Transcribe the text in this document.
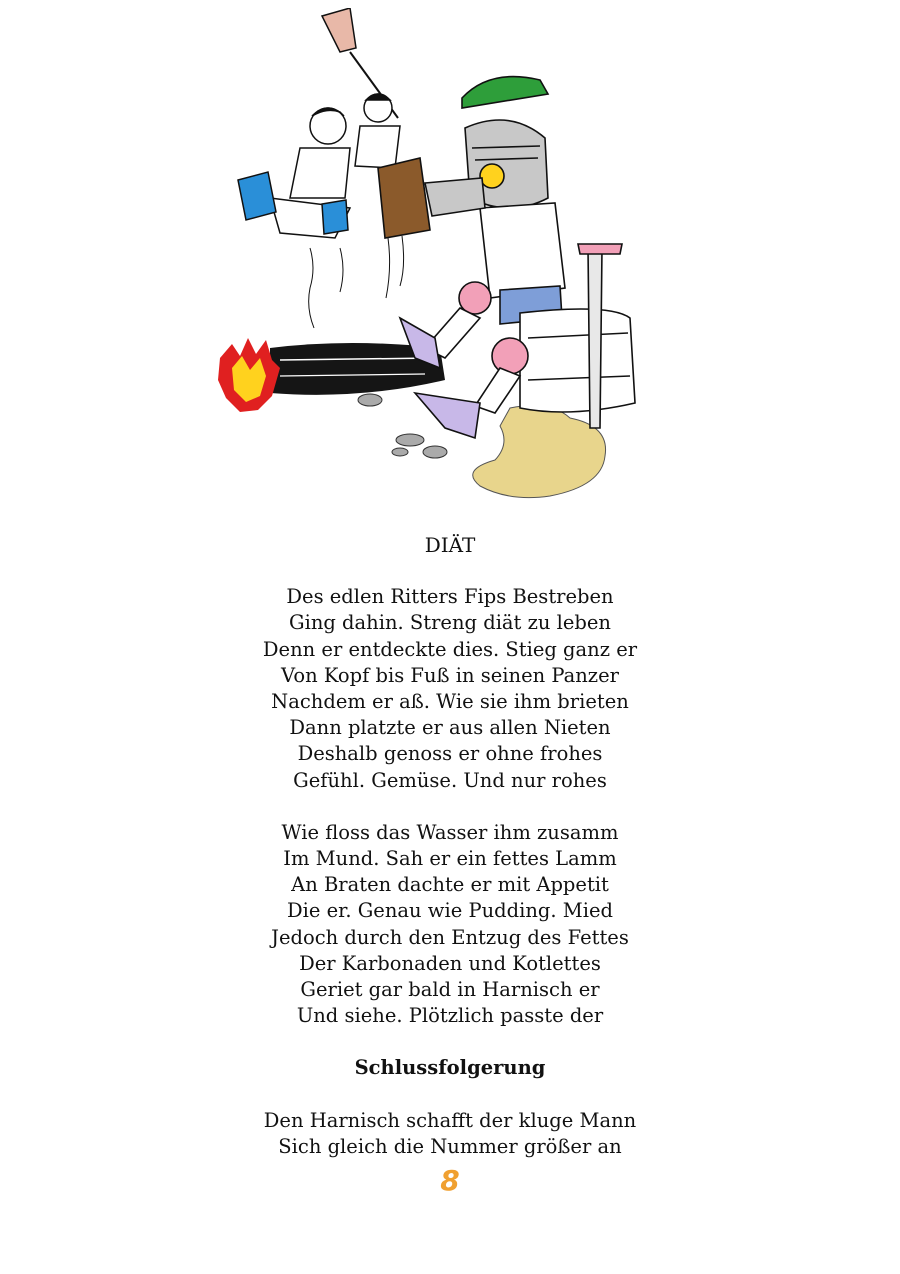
DIÄT
Des edlen Ritters Fips Bestreben
Ging dahin. Streng diät zu leben
Denn er entdeckte dies. Stieg ganz er
Von Kopf bis Fuß in seinen Panzer
Nachdem er aß. Wie sie ihm brieten
Dann platzte er aus allen Nieten
Deshalb genoss er ohne frohes
Gefühl. Gemüse. Und nur rohes
Wie floss das Wasser ihm zusamm
Im Mund. Sah er ein fettes Lamm
An Braten dachte er mit Appetit
Die er. Genau wie Pudding. Mied
Jedoch durch den Entzug des Fettes
Der Karbonaden und Kotlettes
Geriet gar bald in Harnisch er
Und siehe. Plötzlich passte der
Schlussfolgerung
Den Harnisch schafft der kluge Mann
Sich gleich die Nummer größer an
8
